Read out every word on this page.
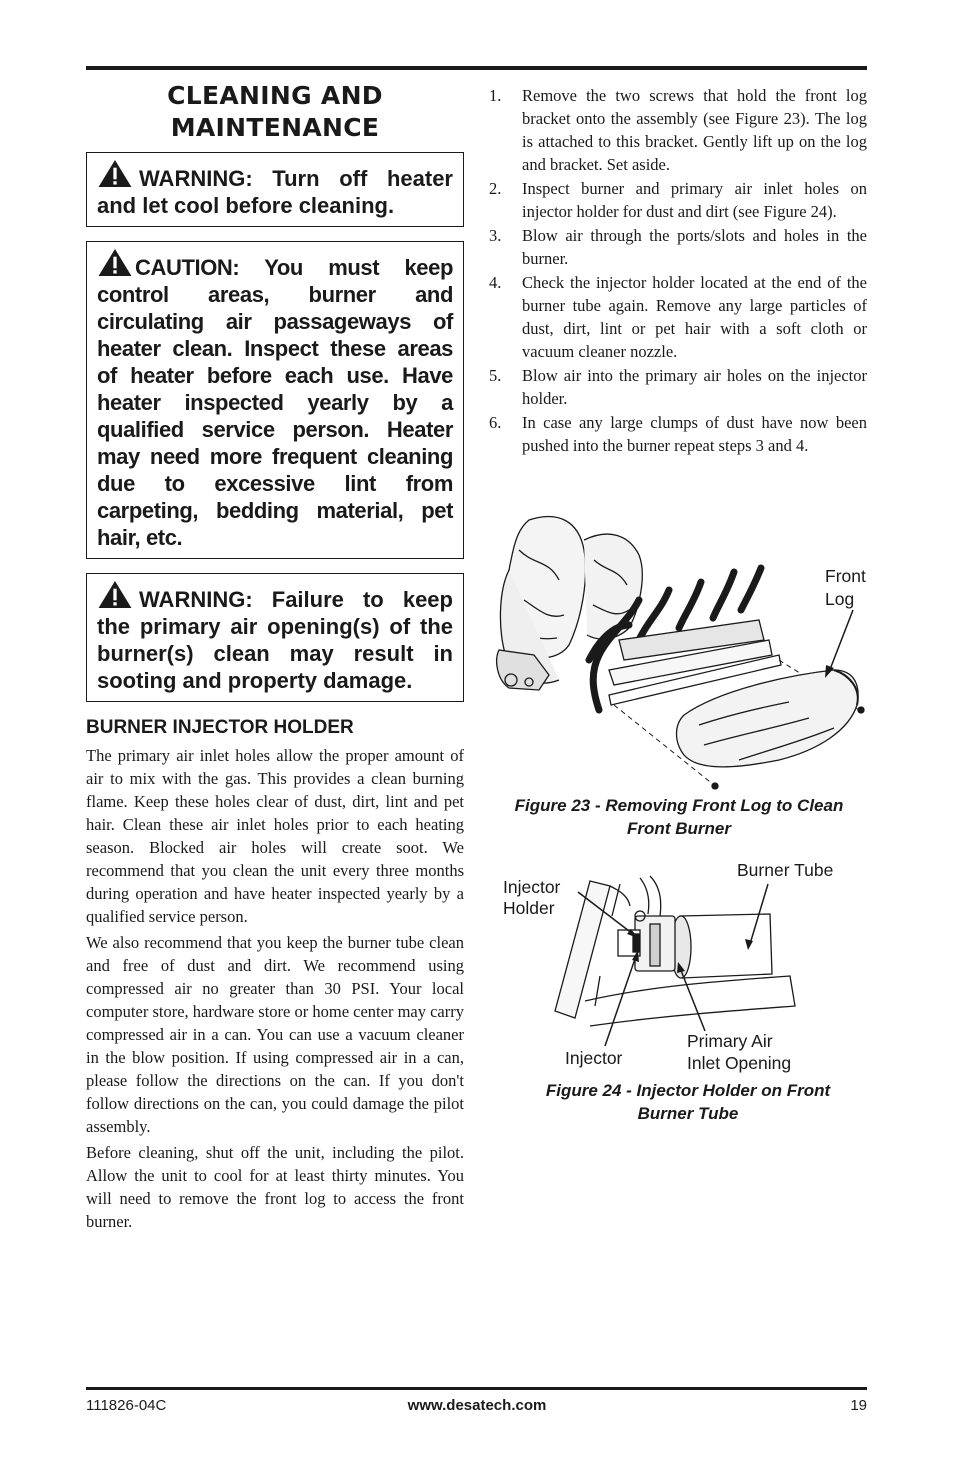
CLEANING AND
MAINTENANCE
WARNING: Turn off heater and let cool before cleaning.
CAUTION: You must keep control areas, burner and circulating air passageways of heater clean. Inspect these areas of heater before each use. Have heater inspected yearly by a qualified service person. Heater may need more frequent cleaning due to excessive lint from carpeting, bedding material, pet hair, etc.
WARNING: Failure to keep the primary air opening(s) of the burner(s) clean may result in sooting and property damage.
BURNER INJECTOR HOLDER

The primary air inlet holes allow the proper amount of air to mix with the gas. This provides a clean burning flame. Keep these holes clear of dust, dirt, lint and pet hair. Clean these air inlet holes prior to each heating season. Blocked air holes will create soot. We recommend that you clean the unit every three months during operation and have heater inspected yearly by a qualified service person.

We also recommend that you keep the burner tube clean and free of dust and dirt. We recommend using compressed air no greater than 30 PSI. Your local computer store, hardware store or home center may carry compressed air in a can. You can use a vacuum cleaner in the blow position. If using compressed air in a can, please follow the directions on the can. If you don't follow directions on the can, you could damage the pilot assembly.

Before cleaning, shut off the unit, including the pilot. Allow the unit to cool for at least thirty minutes. You will need to remove the front log to access the front burner.

1. Remove the two screws that hold the front log bracket onto the assembly (see Figure 23). The log is attached to this bracket. Gently lift up on the log and bracket. Set aside.
2. Inspect burner and primary air inlet holes on injector holder for dust and dirt (see Figure 24).
3. Blow air through the ports/slots and holes in the burner.
4. Check the injector holder located at the end of the burner tube again. Remove any large particles of dust, dirt, lint or pet hair with a soft cloth or vacuum cleaner nozzle.
5. Blow air into the primary air holes on the injector holder.
6. In case any large clumps of dust have now been pushed into the burner repeat steps 3 and 4.
Front
Log
Figure 23 - Removing Front Log to Clean
Front Burner
Injector
Holder
Burner Tube
Injector
Primary Air
Inlet Opening
Figure 24 - Injector Holder on Front
Burner Tube
111826-04C	www.desatech.com	19
